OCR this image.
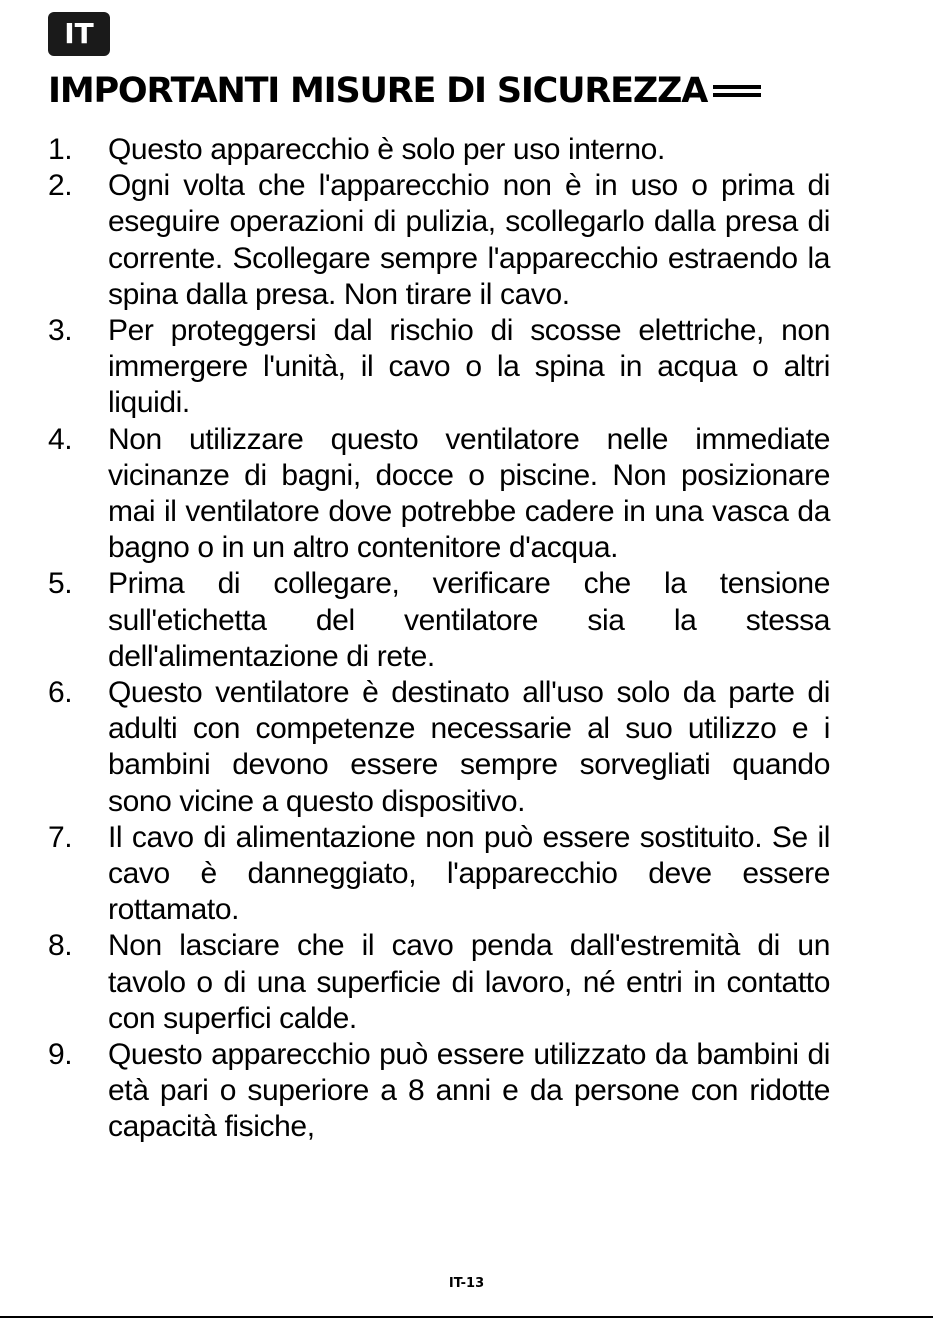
IT
IMPORTANTI MISURE DI SICUREZZA
1. Questo apparecchio è solo per uso interno.
2. Ogni volta che l'apparecchio non è in uso o prima di eseguire operazioni di pulizia, scollegarlo dalla presa di corrente. Scollegare sempre l'apparecchio estraendo la spina dalla presa. Non tirare il cavo.
3. Per proteggersi dal rischio di scosse elettriche, non immergere l'unità, il cavo o la spina in acqua o altri liquidi.
4. Non utilizzare questo ventilatore nelle immediate vicinanze di bagni, docce o piscine. Non posizionare mai il ventilatore dove potrebbe cadere in una vasca da bagno o in un altro contenitore d'acqua.
5. Prima di collegare, verificare che la tensione sull'etichetta del ventilatore sia la stessa dell'alimentazione di rete.
6. Questo ventilatore è destinato all'uso solo da parte di adulti con competenze necessarie al suo utilizzo e i bambini devono essere sempre sorvegliati quando sono vicine a questo dispositivo.
7. Il cavo di alimentazione non può essere sostituito. Se il cavo è danneggiato, l'apparecchio deve essere rottamato.
8. Non lasciare che il cavo penda dall'estremità di un tavolo o di una superficie di lavoro, né entri in contatto con superfici calde.
9. Questo apparecchio può essere utilizzato da bambini di età pari o superiore a 8 anni e da persone con ridotte capacità fisiche,
IT-13
